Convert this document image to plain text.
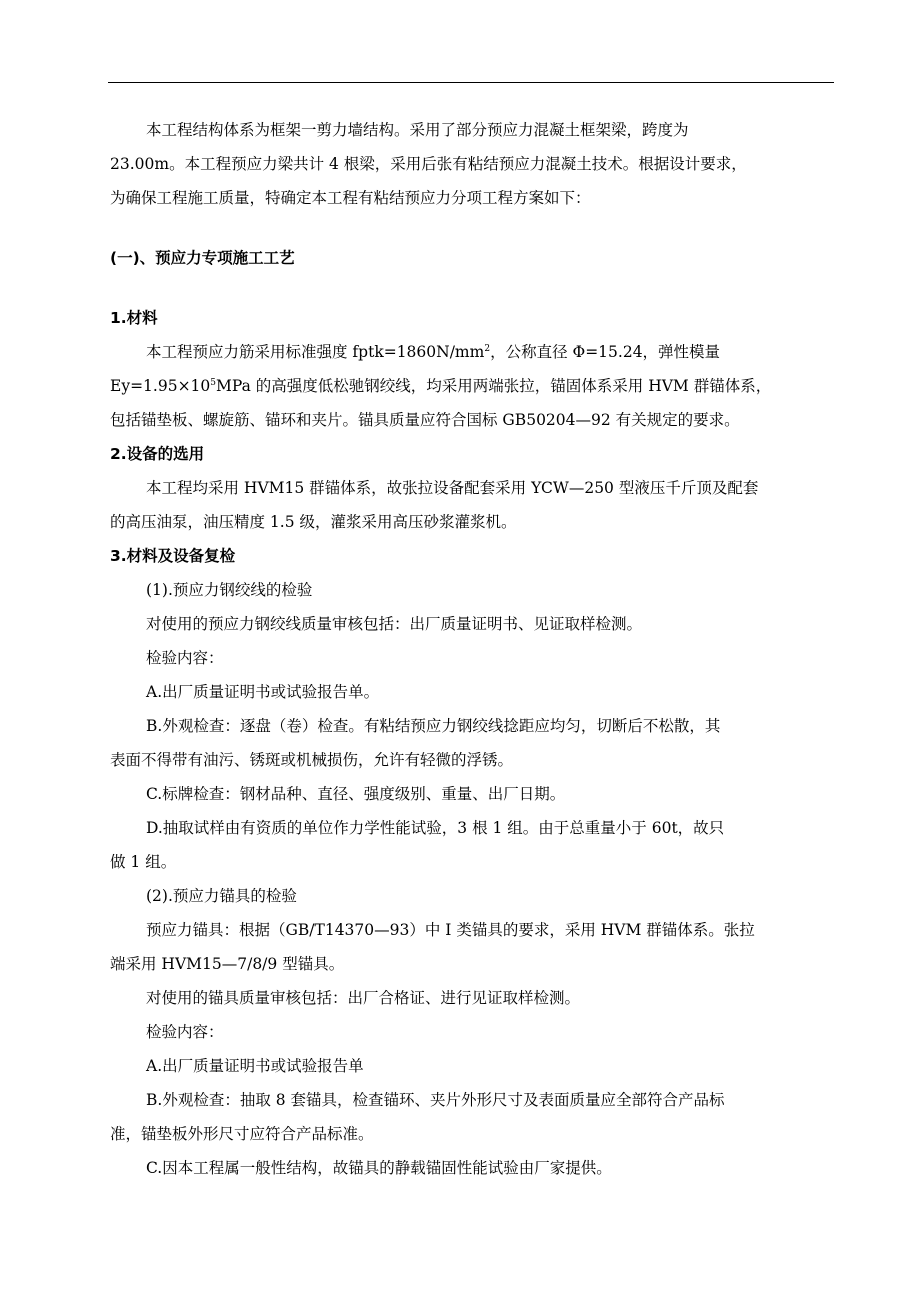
本工程结构体系为框架一剪力墙结构。采用了部分预应力混凝土框架梁，跨度为
23.00m。本工程预应力梁共计 4 根梁，采用后张有粘结预应力混凝土技术。根据设计要求，
为确保工程施工质量，特确定本工程有粘结预应力分项工程方案如下：

(一)、预应力专项施工工艺

1.材料

本工程预应力筋采用标准强度 $fptk=1860N/mm^2$，公称直径 Φ=15.24，弹性模量
$Ey=1.95\times 10^5MPa$ 的高强度低松驰钢绞线，均采用两端张拉，锚固体系采用 HVM 群锚体系，
包括锚垫板、螺旋筋、锚环和夹片。锚具质量应符合国标 GB50204—92 有关规定的要求。

2.设备的选用

本工程均采用 HVM15 群锚体系，故张拉设备配套采用 YCW—250 型液压千斤顶及配套
的高压油泵，油压精度 1.5 级，灌浆采用高压砂浆灌浆机。

3.材料及设备复检

(1).预应力钢绞线的检验

对使用的预应力钢绞线质量审核包括：出厂质量证明书、见证取样检测。

检验内容：

A.出厂质量证明书或试验报告单。

B.外观检查：逐盘（卷）检查。有粘结预应力钢绞线捻距应均匀，切断后不松散，其
表面不得带有油污、锈斑或机械损伤，允许有轻微的浮锈。

C.标牌检查：钢材品种、直径、强度级别、重量、出厂日期。

D.抽取试样由有资质的单位作力学性能试验，3 根 1 组。由于总重量小于 60t，故只
做 1 组。

(2).预应力锚具的检验

预应力锚具：根据（GB/T14370—93）中 I 类锚具的要求，采用 HVM 群锚体系。张拉
端采用 HVM15—7/8/9 型锚具。

对使用的锚具质量审核包括：出厂合格证、进行见证取样检测。

检验内容：

A.出厂质量证明书或试验报告单

B.外观检查：抽取 8 套锚具，检查锚环、夹片外形尺寸及表面质量应全部符合产品标
准，锚垫板外形尺寸应符合产品标准。

C.因本工程属一般性结构，故锚具的静载锚固性能试验由厂家提供。
